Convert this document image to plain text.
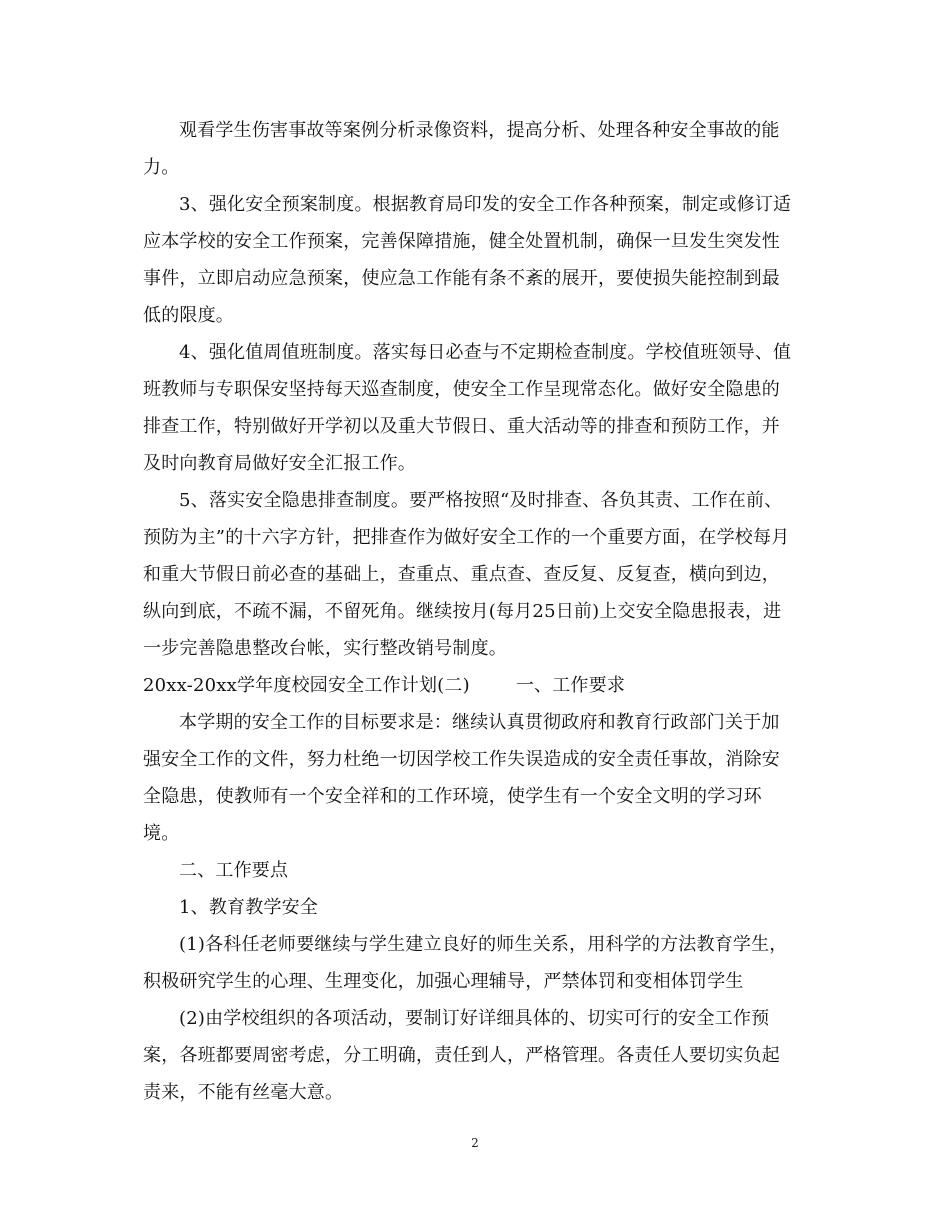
观看学生伤害事故等案例分析录像资料，提高分析、处理各种安全事故的能
力。
3、强化安全预案制度。根据教育局印发的安全工作各种预案，制定或修订适
应本学校的安全工作预案，完善保障措施，健全处置机制，确保一旦发生突发性
事件，立即启动应急预案，使应急工作能有条不紊的展开，要使损失能控制到最
低的限度。
4、强化值周值班制度。落实每日必查与不定期检查制度。学校值班领导、值
班教师与专职保安坚持每天巡查制度，使安全工作呈现常态化。做好安全隐患的
排查工作，特别做好开学初以及重大节假日、重大活动等的排查和预防工作，并
及时向教育局做好安全汇报工作。
5、落实安全隐患排查制度。要严格按照“及时排查、各负其责、工作在前、
预防为主”的十六字方针，把排查作为做好安全工作的一个重要方面，在学校每月
和重大节假日前必查的基础上，查重点、重点查、查反复、反复查，横向到边，
纵向到底，不疏不漏，不留死角。继续按月(每月25日前)上交安全隐患报表，进
一步完善隐患整改台帐，实行整改销号制度。
20xx-20xx学年度校园安全工作计划(二)	一、工作要求
本学期的安全工作的目标要求是：继续认真贯彻政府和教育行政部门关于加
强安全工作的文件，努力杜绝一切因学校工作失误造成的安全责任事故，消除安
全隐患，使教师有一个安全祥和的工作环境，使学生有一个安全文明的学习环
境。
二、工作要点
1、教育教学安全
(1)各科任老师要继续与学生建立良好的师生关系，用科学的方法教育学生，
积极研究学生的心理、生理变化，加强心理辅导，严禁体罚和变相体罚学生
(2)由学校组织的各项活动，要制订好详细具体的、切实可行的安全工作预
案，各班都要周密考虑，分工明确，责任到人，严格管理。各责任人要切实负起
责来，不能有丝毫大意。
2
